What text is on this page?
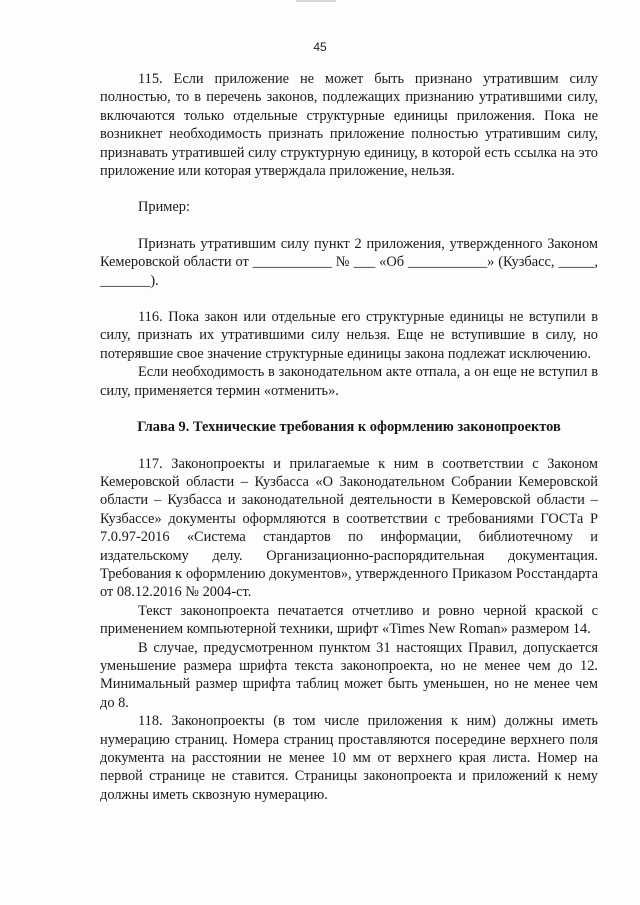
45

115. Если приложение не может быть признано утратившим силу полностью, то в перечень законов, подлежащих признанию утратившими силу, включаются только отдельные структурные единицы приложения. Пока не возникнет необходимость признать приложение полностью утратившим силу, признавать утратившей силу структурную единицу, в которой есть ссылка на это приложение или которая утверждала приложение, нельзя.

Пример:

Признать утратившим силу пункт 2 приложения, утвержденного Законом Кемеровской области от ___________ № ___ «Об ___________» (Кузбасс, _____, _______).

116. Пока закон или отдельные его структурные единицы не вступили в силу, признать их утратившими силу нельзя. Еще не вступившие в силу, но потерявшие свое значение структурные единицы закона подлежат исключению.

Если необходимость в законодательном акте отпала, а он еще не вступил в силу, применяется термин «отменить».

Глава 9. Технические требования к оформлению законопроектов

117. Законопроекты и прилагаемые к ним в соответствии с Законом Кемеровской области – Кузбасса «О Законодательном Собрании Кемеровской области – Кузбасса и законодательной деятельности в Кемеровской области – Кузбассе» документы оформляются в соответствии с требованиями ГОСТа Р 7.0.97-2016 «Система стандартов по информации, библиотечному и издательскому делу. Организационно-распорядительная документация. Требования к оформлению документов», утвержденного Приказом Росстандарта от 08.12.2016 № 2004-ст.

Текст законопроекта печатается отчетливо и ровно черной краской с применением компьютерной техники, шрифт «Times New Roman» размером 14.

В случае, предусмотренном пунктом 31 настоящих Правил, допускается уменьшение размера шрифта текста законопроекта, но не менее чем до 12. Минимальный размер шрифта таблиц может быть уменьшен, но не менее чем до 8.

118. Законопроекты (в том числе приложения к ним) должны иметь нумерацию страниц. Номера страниц проставляются посередине верхнего поля документа на расстоянии не менее 10 мм от верхнего края листа. Номер на первой странице не ставится. Страницы законопроекта и приложений к нему должны иметь сквозную нумерацию.
